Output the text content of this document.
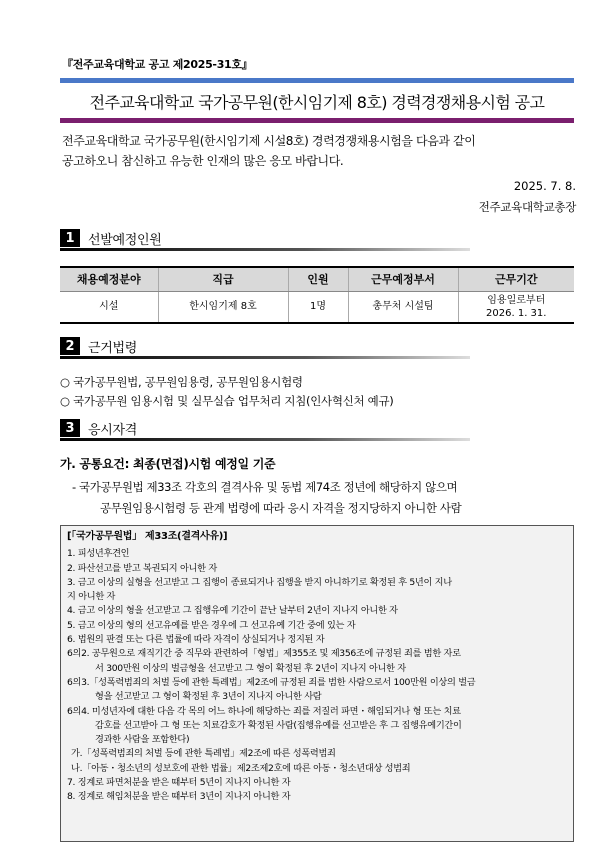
『전주교육대학교 공고 제2025-31호』
전주교육대학교 국가공무원(한시임기제 8호) 경력경쟁채용시험 공고
전주교육대학교 국가공무원(한시임기제 시설8호) 경력경쟁채용시험을 다음과 같이
공고하오니 참신하고 유능한 인재의 많은 응모 바랍니다.
2025. 7. 8.
전주교육대학교총장
1	선발예정인원
채용예정분야	직급	인원	근무예정부서	근무기간
시설	한시임기제 8호	1명	총무처 시설팀	임용일로부터
2026. 1. 31.
2	근거법령
○ 국가공무원법, 공무원임용령, 공무원임용시험령
○ 국가공무원 임용시험 및 실무실습 업무처리 지침(인사혁신처 예규)
3	응시자격
가. 공통요건: 최종(면접)시험 예정일 기준
- 국가공무원법 제33조 각호의 결격사유 및 동법 제74조 정년에 해당하지 않으며
공무원임용시험령 등 관계 법령에 따라 응시 자격을 정지당하지 아니한 사람
[「국가공무원법」 제33조(결격사유)]
1. 피성년후견인
2. 파산선고를 받고 복권되지 아니한 자
3. 금고 이상의 실형을 선고받고 그 집행이 종료되거나 집행을 받지 아니하기로 확정된 후 5년이 지나
지 아니한 자
4. 금고 이상의 형을 선고받고 그 집행유예 기간이 끝난 날부터 2년이 지나지 아니한 자
5. 금고 이상의 형의 선고유예를 받은 경우에 그 선고유예 기간 중에 있는 자
6. 법원의 판결 또는 다른 법률에 따라 자격이 상실되거나 정지된 자
6의2. 공무원으로 재직기간 중 직무와 관련하여「형법」제355조 및 제356조에 규정된 죄를 범한 자로
서 300만원 이상의 벌금형을 선고받고 그 형이 확정된 후 2년이 지나지 아니한 자
6의3.「성폭력범죄의 처벌 등에 관한 특례법」제2조에 규정된 죄를 범한 사람으로서 100만원 이상의 벌금
형을 선고받고 그 형이 확정된 후 3년이 지나지 아니한 사람
6의4. 미성년자에 대한 다음 각 목의 어느 하나에 해당하는 죄를 저질러 파면・해임되거나 형 또는 치료
감호를 선고받아 그 형 또는 치료감호가 확정된 사람(집행유예를 선고받은 후 그 집행유예기간이
경과한 사람을 포함한다)
가.「성폭력범죄의 처벌 등에 관한 특례법」제2조에 따른 성폭력범죄
나.「아동・청소년의 성보호에 관한 법률」제2조제2호에 따른 아동・청소년대상 성범죄
7. 징계로 파면처분을 받은 때부터 5년이 지나지 아니한 자
8. 징계로 해임처분을 받은 때부터 3년이 지나지 아니한 자
